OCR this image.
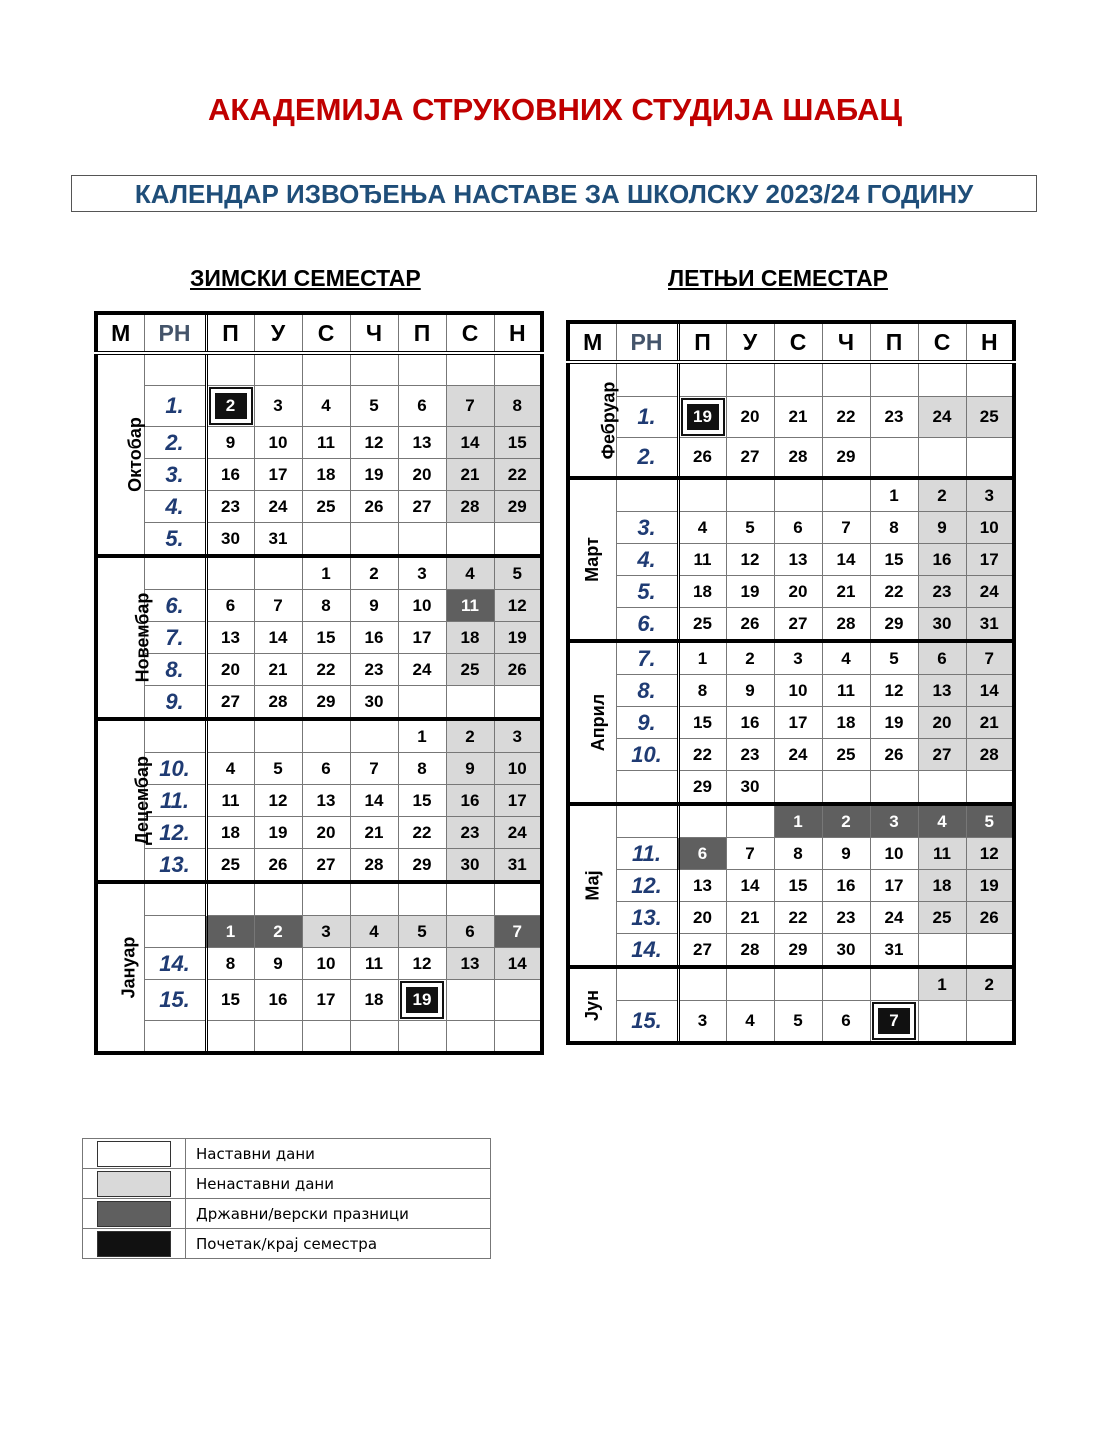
АКАДЕМИЈА СТРУКОВНИХ СТУДИЈА ШАБАЦ
КАЛЕНДАР ИЗВОЂЕЊА НАСТАВЕ ЗА ШКОЛСКУ 2023/24 ГОДИНУ
ЗИМСКИ СЕМЕСТАР	ЛЕТЊИ СЕМЕСТАР
М	РН	П	У	С	Ч	П	С	Н
Октобар								
	1.	2	3	4	5	6	7	8
	2.	9	10	11	12	13	14	15
	3.	16	17	18	19	20	21	22
	4.	23	24	25	26	27	28	29
	5.	30	31					
Новембар				1	2	3	4	5
	6.	6	7	8	9	10	11	12
	7.	13	14	15	16	17	18	19
	8.	20	21	22	23	24	25	26
	9.	27	28	29	30			
Децембар						1	2	3
	10.	4	5	6	7	8	9	10
	11.	11	12	13	14	15	16	17
	12.	18	19	20	21	22	23	24
	13.	25	26	27	28	29	30	31
Јануар								
		1	2	3	4	5	6	7
	14.	8	9	10	11	12	13	14
	15.	15	16	17	18	19		

М	РН	П	У	С	Ч	П	С	Н
Фебруар								
	1.	19	20	21	22	23	24	25
	2.	26	27	28	29			
Март						1	2	3
	3.	4	5	6	7	8	9	10
	4.	11	12	13	14	15	16	17
	5.	18	19	20	21	22	23	24
	6.	25	26	27	28	29	30	31
Април	7.	1	2	3	4	5	6	7
	8.	8	9	10	11	12	13	14
	9.	15	16	17	18	19	20	21
	10.	22	23	24	25	26	27	28
		29	30					
Мај				1	2	3	4	5
	11.	6	7	8	9	10	11	12
	12.	13	14	15	16	17	18	19
	13.	20	21	22	23	24	25	26
	14.	27	28	29	30	31		
Јун							1	2
	15.	3	4	5	6	7		
	Наставни дани
	Ненаставни дани
	Државни/верски празници
	Почетак/крај семестра
